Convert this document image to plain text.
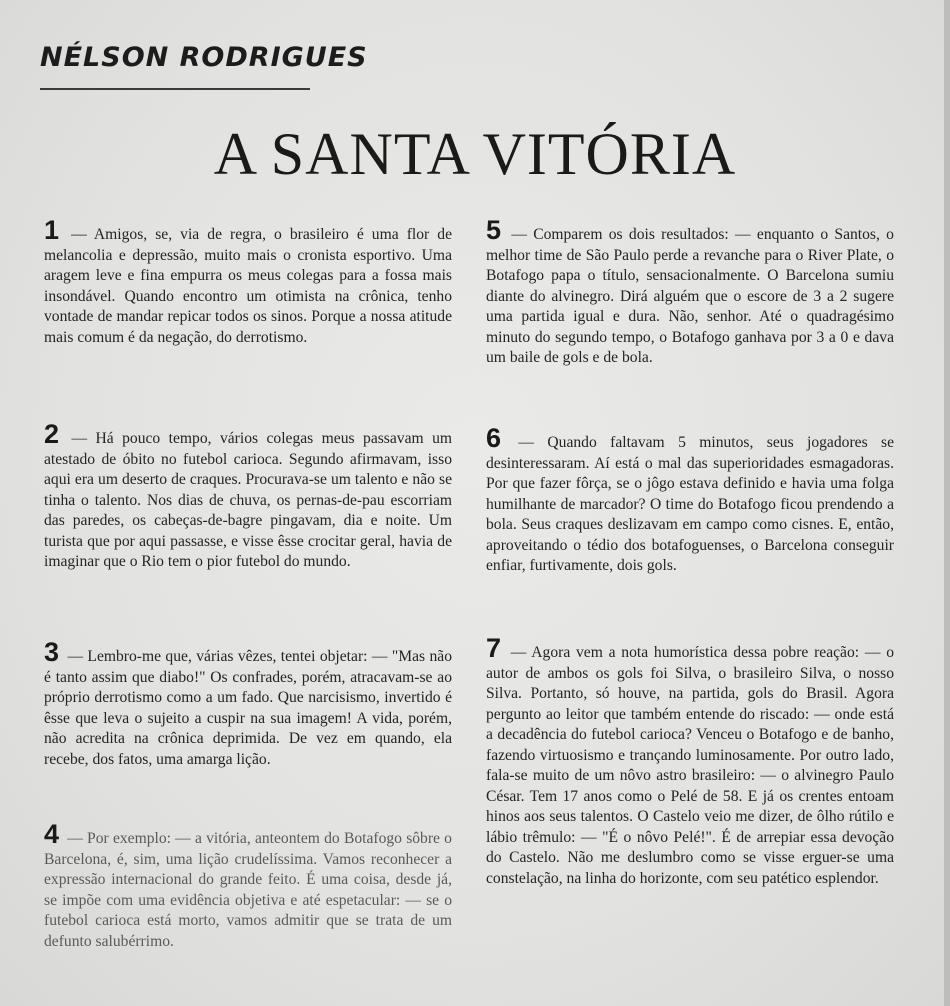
NÉLSON RODRIGUES
A SANTA VITÓRIA
1 — Amigos, se, via de regra, o brasileiro é uma flor de melancolia e depressão, muito mais o cronista esportivo. Uma aragem leve e fina empurra os meus colegas para a fossa mais insondável. Quando encontro um otimista na crônica, tenho vontade de mandar repicar todos os sinos. Porque a nossa atitude mais comum é da negação, do derrotismo.
2 — Há pouco tempo, vários colegas meus passavam um atestado de óbito no futebol carioca. Segundo afirmavam, isso aqui era um deserto de craques. Procurava-se um talento e não se tinha o talento. Nos dias de chuva, os pernas-de-pau escorriam das paredes, os cabeças-de-bagre pingavam, dia e noite. Um turista que por aqui passasse, e visse êsse crocitar geral, havia de imaginar que o Rio tem o pior futebol do mundo.
3 — Lembro-me que, várias vêzes, tentei objetar: — "Mas não é tanto assim que diabo!" Os confrades, porém, atracavam-se ao próprio derrotismo como a um fado. Que narcisismo, invertido é êsse que leva o sujeito a cuspir na sua imagem! A vida, porém, não acredita na crônica deprimida. De vez em quando, ela recebe, dos fatos, uma amarga lição.
4 — Por exemplo: — a vitória, anteontem do Botafogo sôbre o Barcelona, é, sim, uma lição crudelíssima. Vamos reconhecer a expressão internacional do grande feito. É uma coisa, desde já, se impõe com uma evidência objetiva e até espetacular: — se o futebol carioca está morto, vamos admitir que se trata de um defunto salubérrimo.
5 — Comparem os dois resultados: — enquanto o Santos, o melhor time de São Paulo perde a revanche para o River Plate, o Botafogo papa o título, sensacionalmente. O Barcelona sumiu diante do alvinegro. Dirá alguém que o escore de 3 a 2 sugere uma partida igual e dura. Não, senhor. Até o quadragésimo minuto do segundo tempo, o Botafogo ganhava por 3 a 0 e dava um baile de gols e de bola.
6 — Quando faltavam 5 minutos, seus jogadores se desinteressaram. Aí está o mal das superioridades esmagadoras. Por que fazer fôrça, se o jôgo estava definido e havia uma folga humilhante de marcador? O time do Botafogo ficou prendendo a bola. Seus craques deslizavam em campo como cisnes. E, então, aproveitando o tédio dos botafoguenses, o Barcelona conseguir enfiar, furtivamente, dois gols.
7 — Agora vem a nota humorística dessa pobre reação: — o autor de ambos os gols foi Silva, o brasileiro Silva, o nosso Silva. Portanto, só houve, na partida, gols do Brasil. Agora pergunto ao leitor que também entende do riscado: — onde está a decadência do futebol carioca? Venceu o Botafogo e de banho, fazendo virtuosismo e trançando luminosamente. Por outro lado, fala-se muito de um nôvo astro brasileiro: — o alvinegro Paulo César. Tem 17 anos como o Pelé de 58. E já os crentes entoam hinos aos seus talentos. O Castelo veio me dizer, de ôlho rútilo e lábio trêmulo: — "É o nôvo Pelé!". É de arrepiar essa devoção do Castelo. Não me deslumbro como se visse erguer-se uma constelação, na linha do horizonte, com seu patético esplendor.
